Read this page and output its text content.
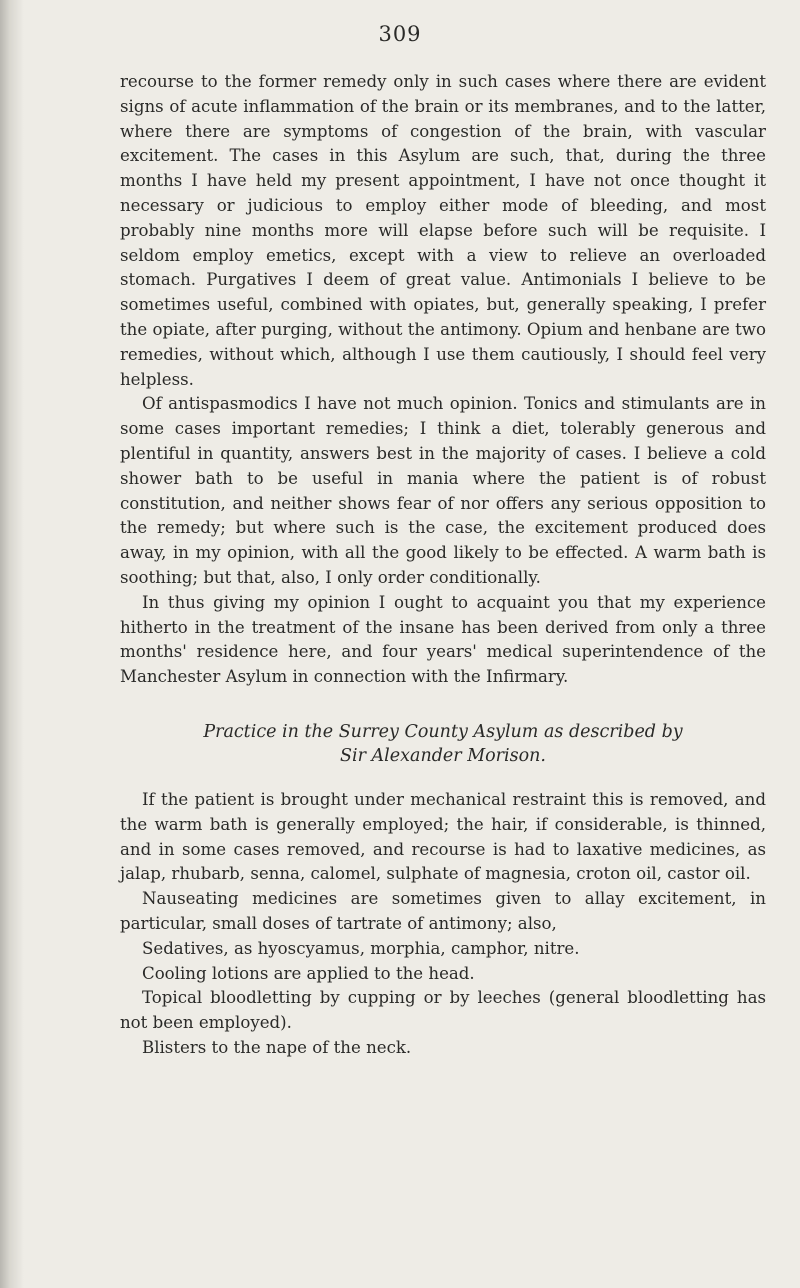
309

recourse to the former remedy only in such cases where there are evident signs of acute inflammation of the brain or its membranes, and to the latter, where there are symptoms of congestion of the brain, with vascular excitement. The cases in this Asylum are such, that, during the three months I have held my present appointment, I have not once thought it necessary or judicious to employ either mode of bleeding, and most probably nine months more will elapse before such will be requisite. I seldom employ emetics, except with a view to relieve an overloaded stomach. Purgatives I deem of great value. Antimonials I believe to be sometimes useful, combined with opiates, but, generally speaking, I prefer the opiate, after purging, without the antimony. Opium and henbane are two remedies, without which, although I use them cautiously, I should feel very helpless.

Of antispasmodics I have not much opinion. Tonics and stimulants are in some cases important remedies; I think a diet, tolerably generous and plentiful in quantity, answers best in the majority of cases. I believe a cold shower bath to be useful in mania where the patient is of robust constitution, and neither shows fear of nor offers any serious opposition to the remedy; but where such is the case, the excitement produced does away, in my opinion, with all the good likely to be effected. A warm bath is soothing; but that, also, I only order conditionally.

In thus giving my opinion I ought to acquaint you that my experience hitherto in the treatment of the insane has been derived from only a three months' residence here, and four years' medical superintendence of the Manchester Asylum in connection with the Infirmary.

Practice in the Surrey County Asylum as described by
Sir Alexander Morison.

If the patient is brought under mechanical restraint this is removed, and the warm bath is generally employed; the hair, if considerable, is thinned, and in some cases removed, and recourse is had to laxative medicines, as jalap, rhubarb, senna, calomel, sulphate of magnesia, croton oil, castor oil.

Nauseating medicines are sometimes given to allay excitement, in particular, small doses of tartrate of antimony; also,

Sedatives, as hyoscyamus, morphia, camphor, nitre.

Cooling lotions are applied to the head.

Topical bloodletting by cupping or by leeches (general bloodletting has not been employed).

Blisters to the nape of the neck.
